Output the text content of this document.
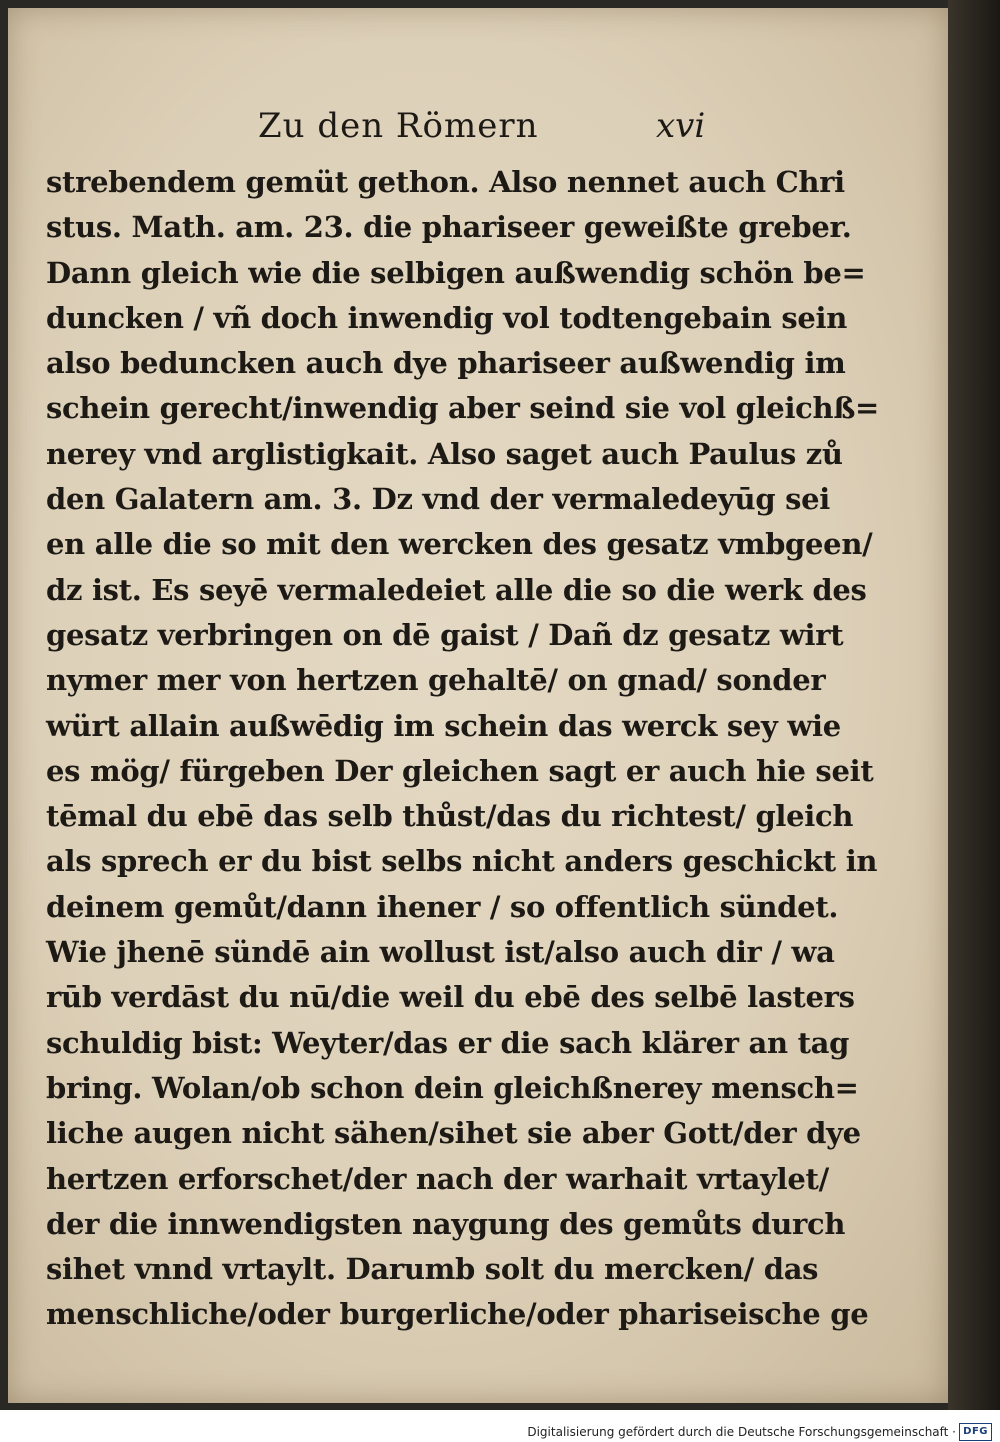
Zu den Römern	xvi
strebendem gemüt gethon. Also nennet auch Chri
stus. Math. am. 23. die phariseer geweißte greber.
Dann gleich wie die selbigen außwendig schön be=
duncken / vñ doch inwendig vol todtengebain sein
also beduncken auch dye phariseer außwendig im
schein gerecht/inwendig aber seind sie vol gleichß=
nerey vnd arglistigkait. Also saget auch Paulus zů
den Galatern am. 3. Dz vnd der vermaledeyūg sei
en alle die so mit den wercken des gesatz vmbgeen/
dz ist. Es seyē vermaledeiet alle die so die werk des
gesatz verbringen on dē gaist / Dañ dz gesatz wirt
nymer mer von hertzen gehaltē/ on gnad/ sonder
würt allain außwēdig im schein das werck sey wie
es mög/ fürgeben Der gleichen sagt er auch hie seit
tēmal du ebē das selb thůst/das du richtest/ gleich
als sprech er du bist selbs nicht anders geschickt in
deinem gemůt/dann ihener / so offentlich sündet.
Wie jhenē sündē ain wollust ist/also auch dir / wa
rūb verdāst du nū/die weil du ebē des selbē lasters
schuldig bist: Weyter/das er die sach klärer an tag
bring. Wolan/ob schon dein gleichßnerey mensch=
liche augen nicht sähen/sihet sie aber Gott/der dye
hertzen erforschet/der nach der warhait vrtaylet/
der die innwendigsten naygung des gemůts durch
sihet vnnd vrtaylt. Darumb solt du mercken/ das
menschliche/oder burgerliche/oder phariseische ge
Digitalisierung gefördert durch die Deutsche Forschungsgemeinschaft · DFG
